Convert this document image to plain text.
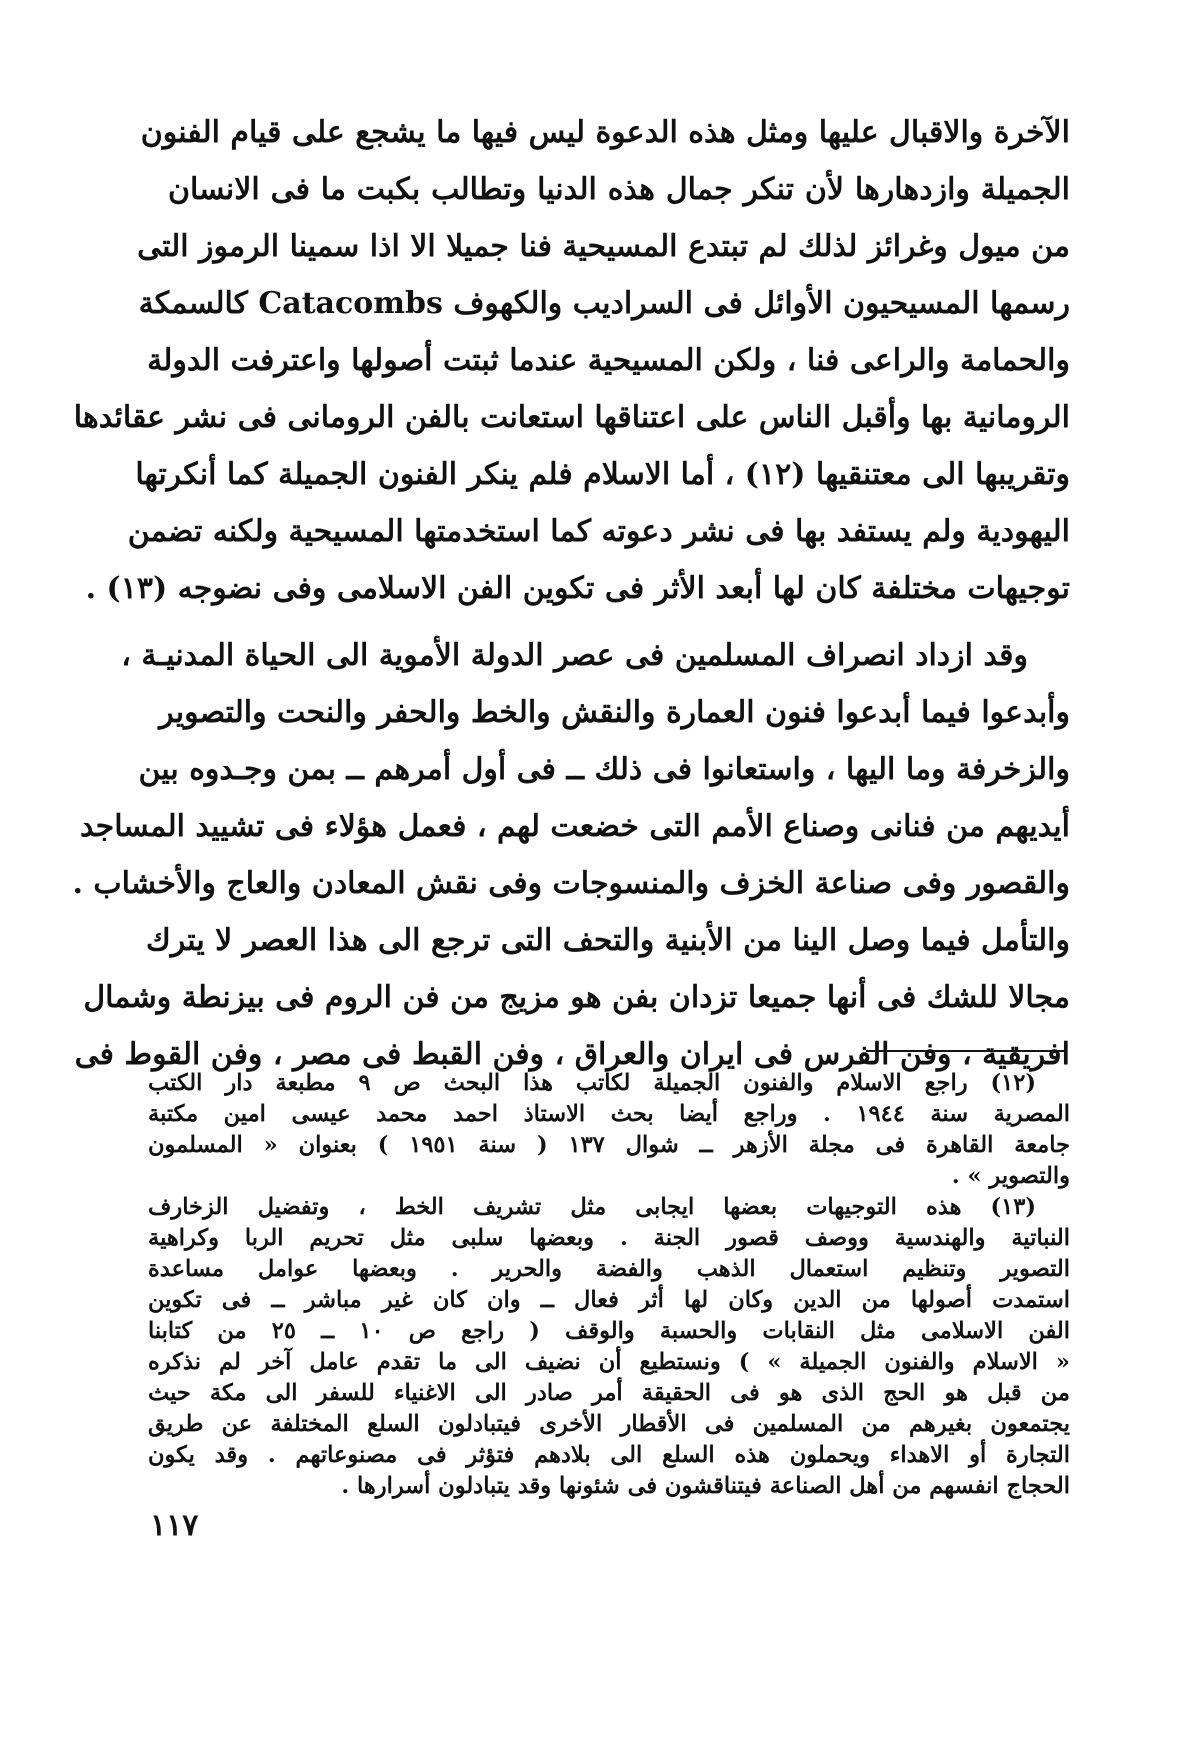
الآخرة والاقبال عليها ومثل هذه الدعوة ليس فيها ما يشجع على قيام الفنون
الجميلة وازدهارها لأن تنكر جمال هذه الدنيا وتطالب بكبت ما فى الانسان
من ميول وغرائز لذلك لم تبتدع المسيحية فنا جميلا الا اذا سمينا الرموز التى
رسمها المسيحيون الأوائل فى السراديب والكهوف Catacombs كالسمكة
والحمامة والراعى فنا ، ولكن المسيحية عندما ثبتت أصولها واعترفت الدولة
الرومانية بها وأقبل الناس على اعتناقها استعانت بالفن الرومانى فى نشر عقائدها
وتقريبها الى معتنقيها (١٢) ، أما الاسلام فلم ينكر الفنون الجميلة كما أنكرتها
اليهودية ولم يستفد بها فى نشر دعوته كما استخدمتها المسيحية ولكنه تضمن
توجيهات مختلفة كان لها أبعد الأثر فى تكوين الفن الاسلامى وفى نضوجه (١٣) .
وقد ازداد انصراف المسلمين فى عصر الدولة الأموية الى الحياة المدنيـة ،
وأبدعوا فيما أبدعوا فنون العمارة والنقش والخط والحفر والنحت والتصوير
والزخرفة وما اليها ، واستعانوا فى ذلك ــ فى أول أمرهم ــ بمن وجـدوه بين
أيديهم من فنانى وصناع الأمم التى خضعت لهم ، فعمل هؤلاء فى تشييد المساجد
والقصور وفى صناعة الخزف والمنسوجات وفى نقش المعادن والعاج والأخشاب .
والتأمل فيما وصل الينا من الأبنية والتحف التى ترجع الى هذا العصر لا يترك
مجالا للشك فى أنها جميعا تزدان بفن هو مزيج من فن الروم فى بيزنطة وشمال
افريقية ، وفن الفرس فى ايران والعراق ، وفن القبط فى مصر ، وفن القوط فى
(١٢) راجع الاسلام والفنون الجميلة لكاتب هذا البحث ص ٩ مطبعة دار الكتب
المصرية سنة ١٩٤٤ . وراجع أيضا بحث الاستاذ احمد محمد عيسى امين مكتبة
جامعة القاهرة فى مجلة الأزهر ــ شوال ١٣٧ ( سنة ١٩٥١ ) بعنوان « المسلمون
والتصوير » .
(١٣) هذه التوجيهات بعضها ايجابى مثل تشريف الخط ، وتفضيل الزخارف
النباتية والهندسية ووصف قصور الجنة . وبعضها سلبى مثل تحريم الربا وكراهية
التصوير وتنظيم استعمال الذهب والفضة والحرير . وبعضها عوامل مساعدة
استمدت أصولها من الدين وكان لها أثر فعال ــ وان كان غير مباشر ــ فى تكوين
الفن الاسلامى مثل النقابات والحسبة والوقف ( راجع ص ١٠ ــ ٢٥ من كتابنا
« الاسلام والفنون الجميلة » ) ونستطيع أن نضيف الى ما تقدم عامل آخر لم نذكره
من قبل هو الحج الذى هو فى الحقيقة أمر صادر الى الاغنياء للسفر الى مكة حيث
يجتمعون بغيرهم من المسلمين فى الأقطار الأخرى فيتبادلون السلع المختلفة عن طريق
التجارة أو الاهداء ويحملون هذه السلع الى بلادهم فتؤثر فى مصنوعاتهم . وقد يكون
الحجاج انفسهم من أهل الصناعة فيتناقشون فى شئونها وقد يتبادلون أسرارها .
١١٧
